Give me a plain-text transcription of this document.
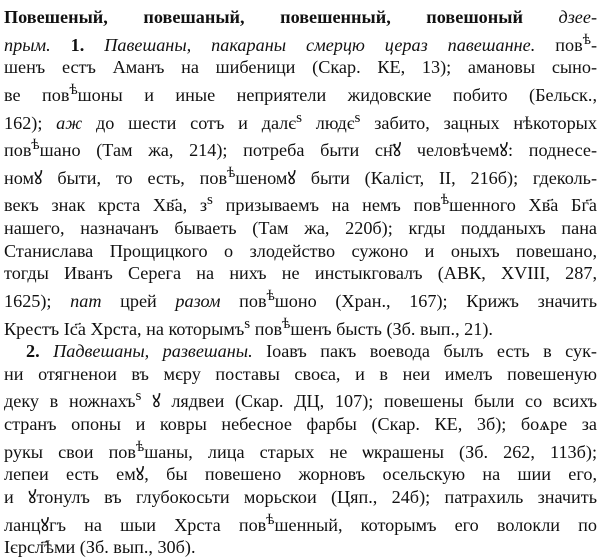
Повешеный, повешаный, повешенный, повешоный дзее-
прым. 1. Павешаны, пакараны смерцю цераз павешанне. пов$^ѣ$-
шенъ естъ Аманъ на шибеници (Скар. КЕ, 13); амановы сыно-
ве пов$^ѣ$шоны и иные неприятели жидовские побито (Бельск.,
162); аж до шести сотъ и далє$^s$ людє$^s$ забито, зацных нѣкоторых
пов$^ѣ$шано (Там жа, 214); потреба быти сн҃ꙋ человѣчемꙋ: поднесе-
номꙋ быти, то есть, пов$^ѣ$шеномꙋ быти (Каліст, II, 216б); гдеколь-
векъ знак крста Хв҃а, $з^s$ призываемъ на немъ пов$^ѣ$шенного Хв҃а Бг҃а
нашего, назначанъ бываеть (Там жа, 220б); кгды подданыхъ пана
Станислава Прощицкого о злодейство сужоно и оныхъ повешано,
тогды Иванъ Серега на нихъ не инстыкговалъ (АВК, XVIII, 287,
1625); пат црей разом пов$^ѣ$шоно (Хран., 167); Крижъ значить
Крестъ Іс҃а Хрста, на которымъ$^s$ пов$^ѣ$шенъ бысть (Зб. вып., 21).
2. Падвешаны, развешаны. Іоавъ пакъ воевода былъ есть в сук-
ни отягненои въ мєру поставы своєа, и в неи имелъ повешеную
деку в ножнахъ$^s$ ꙋ лядвеи (Скар. ДЦ, 107); повешены были со всихъ
странъ опоны и ковры небесное фарбы (Скар. КЕ, 3б); боѧре за
рукы свои пов$^ѣ$шаны, лица старых не ѡкрашены (Зб. 262, 113б);
лепеи есть емꙋ, бы повешено жорновъ осельскую на шии его,
и ꙋтонулъ въ глубокосьти морьскои (Цяп., 24б); патрахиль значить
ланцꙋгъ на шыи Хрста пов$^ѣ$шенный, которымъ его волокли по
Ієрсл҃ѣми (Зб. вып., 30б).
